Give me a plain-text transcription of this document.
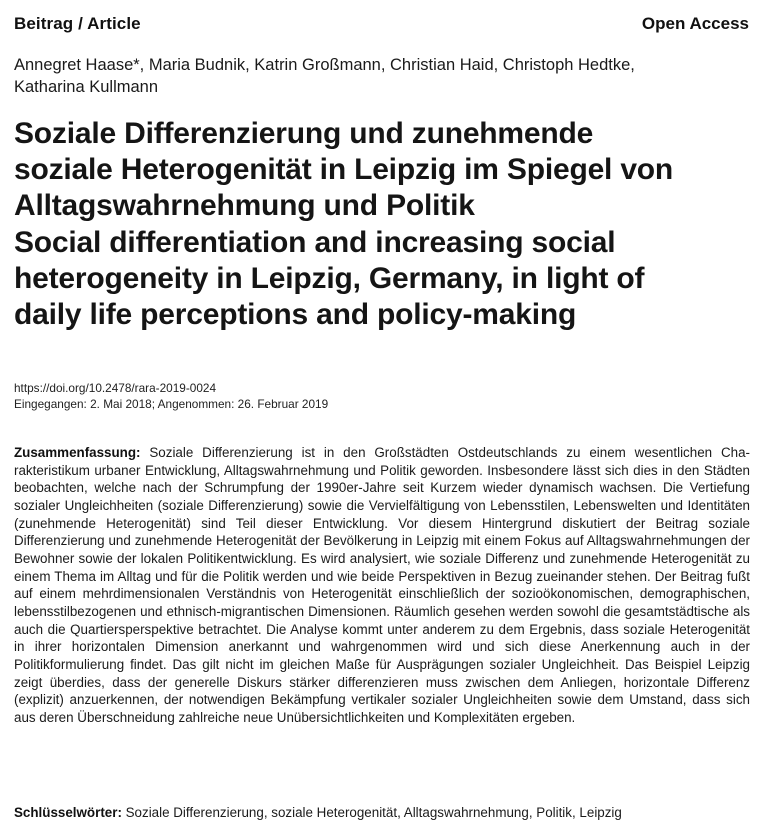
Beitrag / Article	Open Access
Annegret Haase*, Maria Budnik, Katrin Großmann, Christian Haid, Christoph Hedtke,
Katharina Kullmann
Soziale Differenzierung und zunehmende
soziale Heterogenität in Leipzig im Spiegel von
Alltagswahrnehmung und Politik
Social differentiation and increasing social
heterogeneity in Leipzig, Germany, in light of
daily life perceptions and policy-making
https://doi.org/10.2478/rara-2019-0024
Eingegangen: 2. Mai 2018; Angenommen: 26. Februar 2019

Zusammenfassung: Soziale Differenzierung ist in den Großstädten Ostdeutschlands zu einem wesentlichen Charakteristikum urbaner Entwicklung, Alltagswahrnehmung und Politik geworden. Insbesondere lässt sich dies in den Städten beobachten, welche nach der Schrumpfung der 1990er-Jahre seit Kurzem wieder dynamisch wachsen. Die Vertiefung sozialer Ungleichheiten (soziale Differenzierung) sowie die Vervielfältigung von Lebensstilen, Lebenswelten und Identitäten (zunehmende Heterogenität) sind Teil dieser Entwicklung. Vor diesem Hintergrund diskutiert der Beitrag soziale Differenzierung und zunehmende Heterogenität der Bevölkerung in Leipzig mit einem Fokus auf Alltagswahrnehmungen der Bewohner sowie der lokalen Politikentwicklung. Es wird analysiert, wie soziale Differenz und zunehmende Heterogenität zu einem Thema im Alltag und für die Politik werden und wie beide Perspektiven in Bezug zueinander stehen. Der Beitrag fußt auf einem mehrdimensionalen Verständnis von Heterogenität einschließlich der sozioökonomischen, demographischen, lebensstilbezogenen und ethnisch-migrantischen Dimensionen. Räumlich gesehen werden sowohl die gesamtstädtische als auch die Quartiersperspektive betrachtet. Die Analyse kommt unter anderem zu dem Ergebnis, dass soziale Heterogenität in ihrer horizontalen Dimension anerkannt und wahrgenommen wird und sich diese Anerkennung auch in der Politikformulierung findet. Das gilt nicht im gleichen Maße für Ausprägungen sozialer Ungleichheit. Das Beispiel Leipzig zeigt überdies, dass der generelle Diskurs stärker differenzieren muss zwischen dem Anliegen, horizontale Differenz (explizit) anzuerkennen, der notwendigen Bekämpfung vertikaler sozialer Ungleichheiten sowie dem Umstand, dass sich aus deren Überschneidung zahlreiche neue Unübersichtlichkeiten und Komplexitäten ergeben.

Schlüsselwörter: Soziale Differenzierung, soziale Heterogenität, Alltagswahrnehmung, Politik, Leipzig
